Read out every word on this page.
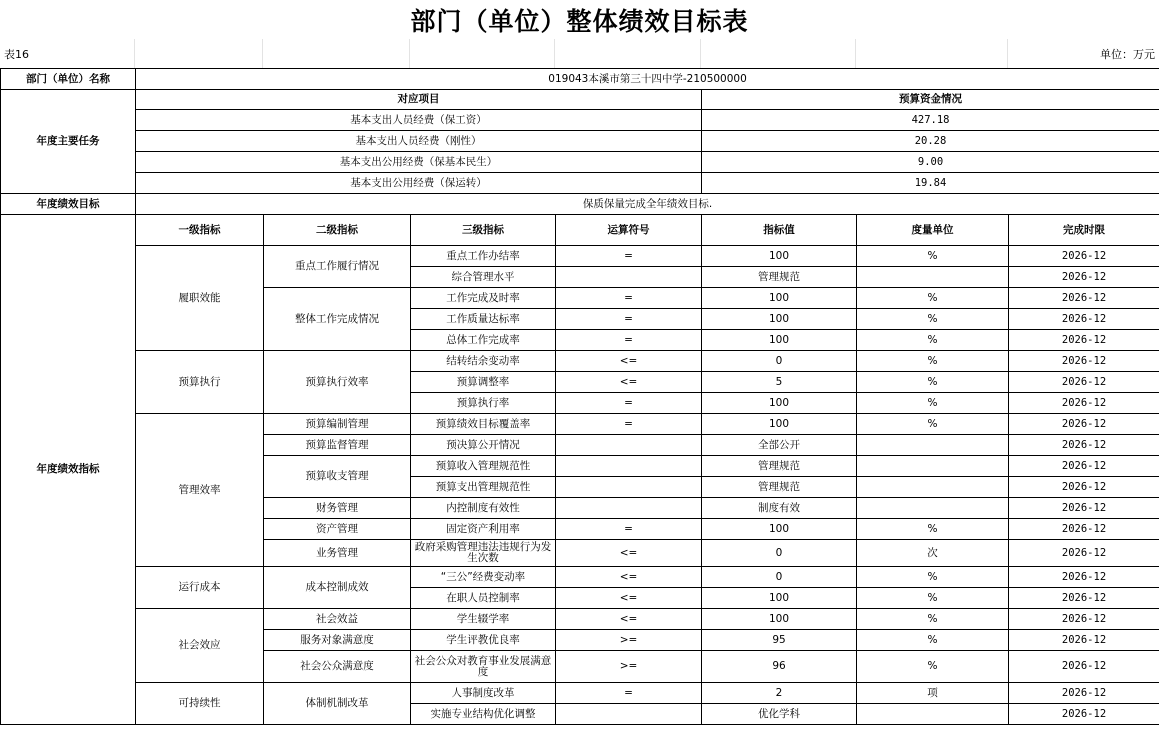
部门（单位）整体绩效目标表
表16	单位：万元
部门（单位）名称	019043本溪市第三十四中学-210500000						
年度主要任务	对应项目				预算资金情况		
	基本支出人员经费（保工资）				427.18		
	基本支出人员经费（刚性）				20.28		
	基本支出公用经费（保基本民生）				9.00		
	基本支出公用经费（保运转）				19.84		
年度绩效目标	保质保量完成全年绩效目标.						
年度绩效指标	一级指标	二级指标	三级指标	运算符号	指标值	度量单位	完成时限
	履职效能	重点工作履行情况	重点工作办结率	=	100	%	2026-12
			综合管理水平		管理规范		2026-12
		整体工作完成情况	工作完成及时率	=	100	%	2026-12
			工作质量达标率	=	100	%	2026-12
			总体工作完成率	=	100	%	2026-12
	预算执行	预算执行效率	结转结余变动率	<=	0	%	2026-12
			预算调整率	<=	5	%	2026-12
			预算执行率	=	100	%	2026-12
	管理效率	预算编制管理	预算绩效目标覆盖率	=	100	%	2026-12
		预算监督管理	预决算公开情况		全部公开		2026-12
		预算收支管理	预算收入管理规范性		管理规范		2026-12
			预算支出管理规范性		管理规范		2026-12
		财务管理	内控制度有效性		制度有效		2026-12
		资产管理	固定资产利用率	=	100	%	2026-12
		业务管理	政府采购管理违法违规行为发生次数	<=	0	次	2026-12
	运行成本	成本控制成效	“三公”经费变动率	<=	0	%	2026-12
			在职人员控制率	<=	100	%	2026-12
	社会效应	社会效益	学生辍学率	<=	100	%	2026-12
		服务对象满意度	学生评教优良率	>=	95	%	2026-12
		社会公众满意度	社会公众对教育事业发展满意度	>=	96	%	2026-12
	可持续性	体制机制改革	人事制度改革	=	2	项	2026-12
			实施专业结构优化调整		优化学科		2026-12
